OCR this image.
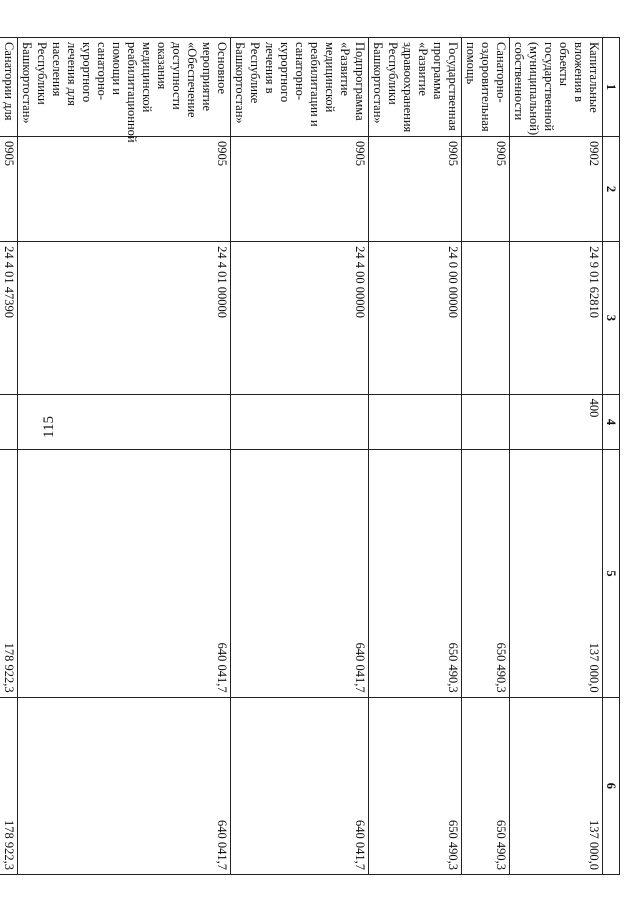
115
1	2	3	4	5	6
Капитальные вложения в объекты государственной (муниципальной) собственности	0902	24 9 01 62810	400	137 000,0	137 000,0
Санаторно-оздоровительная помощь	0905			650 490,3	650 490,3
Государственная программа «Развитие здравоохранения Республики Башкортостан»	0905	24 0 00 00000		650 490,3	650 490,3
Подпрограмма «Развитие медицинской реабилитации и санаторно-курортного лечения в Республике Башкортостан»	0905	24 4 00 00000		640 041,7	640 041,7
Основное мероприятие «Обеспечение доступности оказания медицинской реабилитационной помощи и санаторно-курортного лечения для населения Республики Башкортостан»	0905	24 4 01 00000		640 041,7	640 041,7
Санатории для	0905	24 4 01 47390		178 922,3	178 922,3
